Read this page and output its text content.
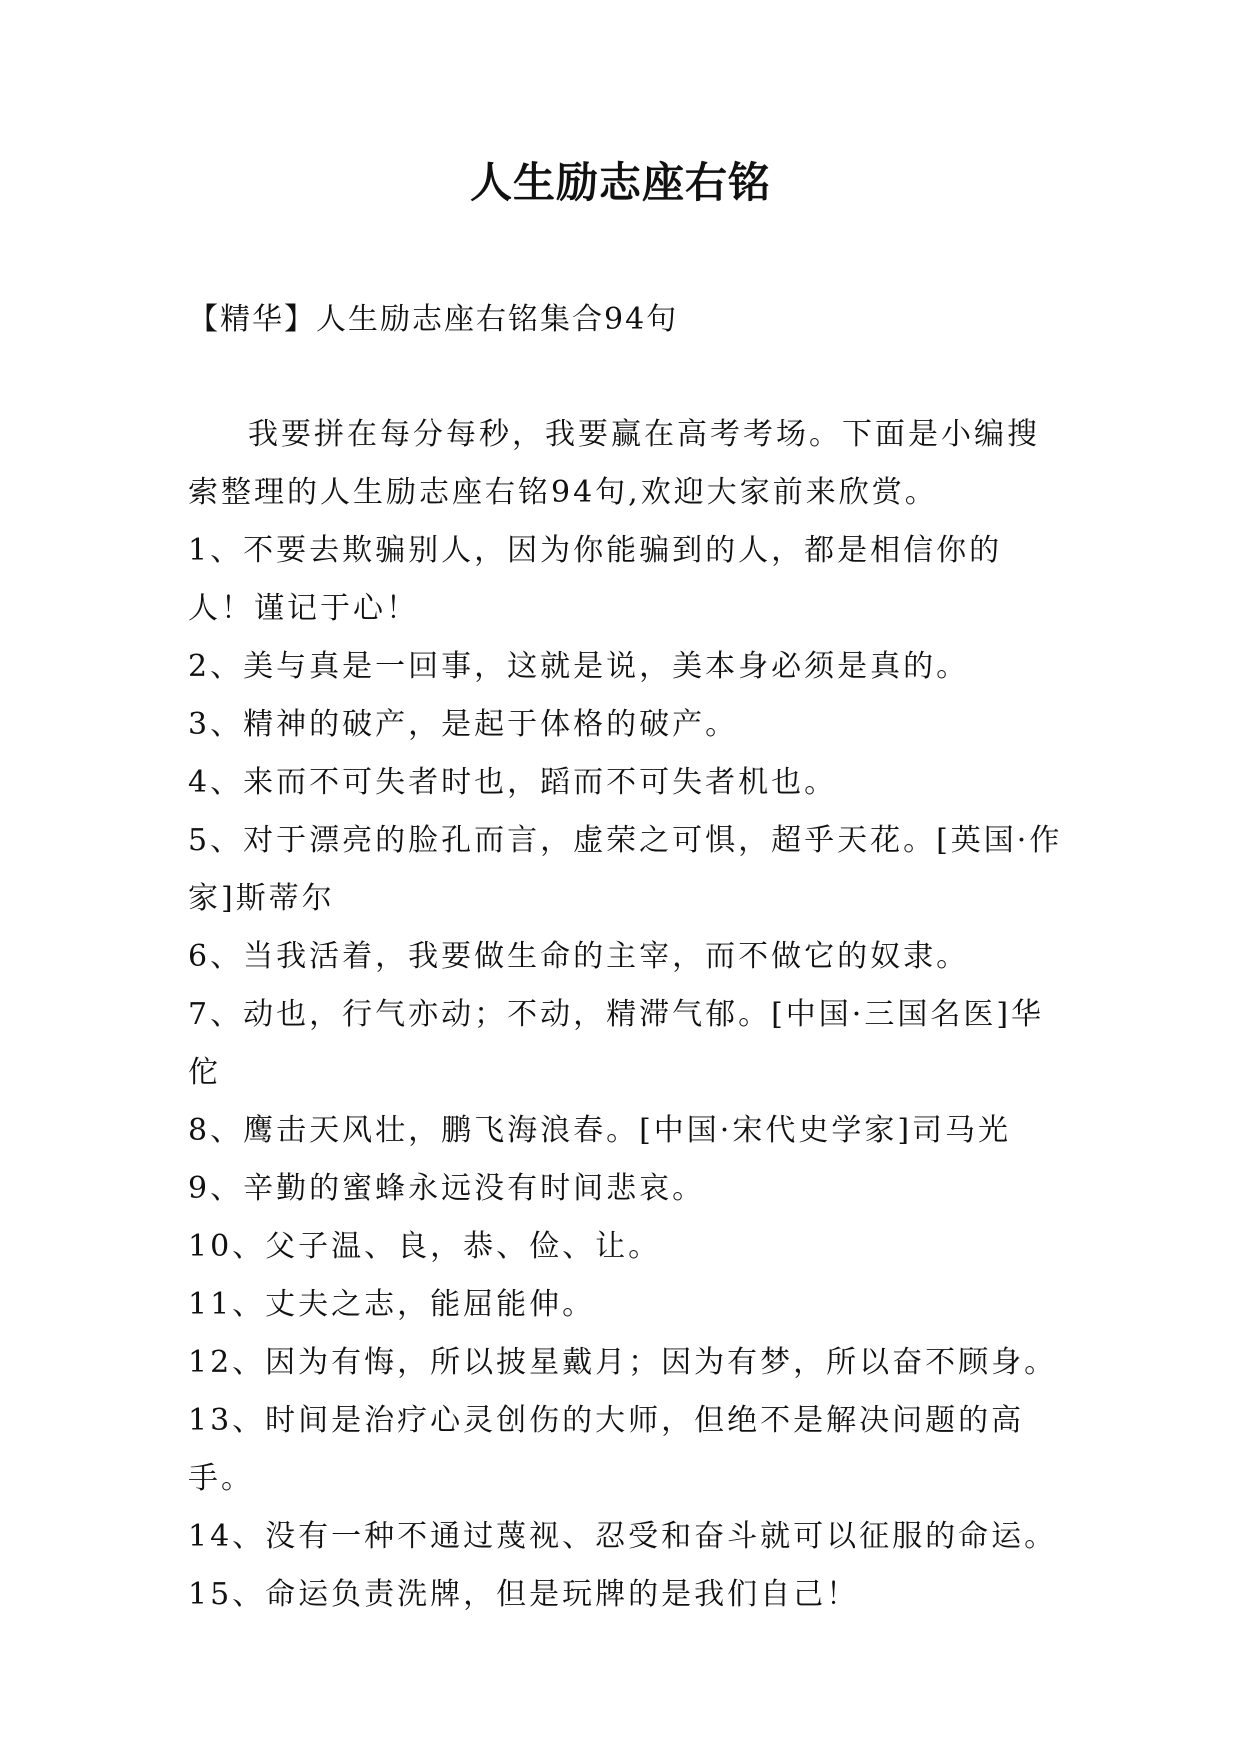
人生励志座右铭
【精华】人生励志座右铭集合94句

我要拼在每分每秒，我要赢在高考考场。下面是小编搜索整理的人生励志座右铭94句,欢迎大家前来欣赏。

1、不要去欺骗别人，因为你能骗到的人，都是相信你的人！谨记于心！

2、美与真是一回事，这就是说，美本身必须是真的。

3、精神的破产，是起于体格的破产。

4、来而不可失者时也，蹈而不可失者机也。

5、对于漂亮的脸孔而言，虚荣之可惧，超乎天花。[英国·作家]斯蒂尔

6、当我活着，我要做生命的主宰，而不做它的奴隶。

7、动也，行气亦动；不动，精滞气郁。[中国·三国名医]华佗

8、鹰击天风壮，鹏飞海浪春。[中国·宋代史学家]司马光

9、辛勤的蜜蜂永远没有时间悲哀。

10、父子温、良，恭、俭、让。

11、丈夫之志，能屈能伸。

12、因为有悔，所以披星戴月；因为有梦，所以奋不顾身。

13、时间是治疗心灵创伤的大师，但绝不是解决问题的高手。

14、没有一种不通过蔑视、忍受和奋斗就可以征服的命运。

15、命运负责洗牌，但是玩牌的是我们自己！
